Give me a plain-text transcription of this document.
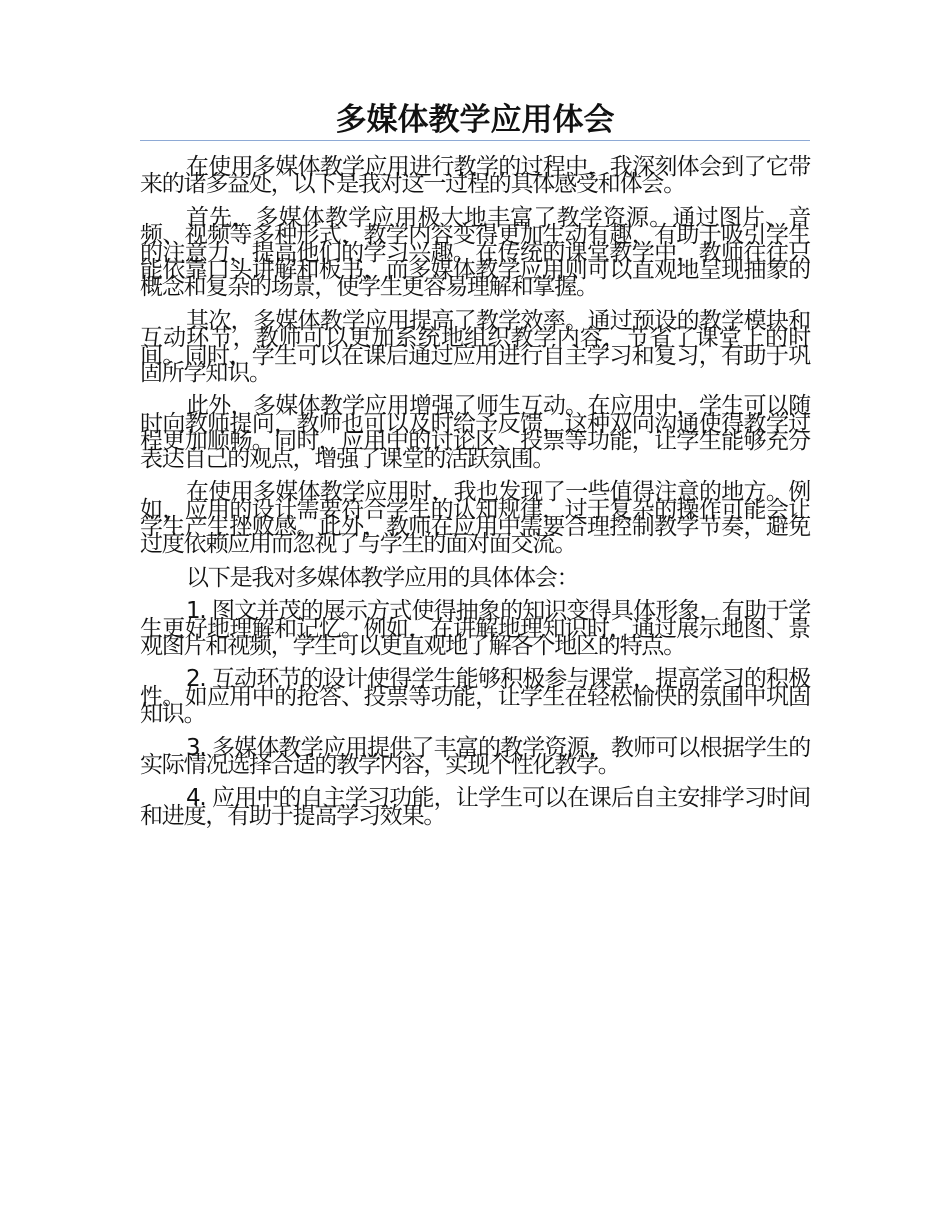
多媒体教学应用体会

在使用多媒体教学应用进行教学的过程中，我深刻体会到了它带来的诸多益处，以下是我对这一过程的具体感受和体会。

首先，多媒体教学应用极大地丰富了教学资源。通过图片、音频、视频等多种形式，教学内容变得更加生动有趣，有助于吸引学生的注意力，提高他们的学习兴趣。在传统的课堂教学中，教师往往只能依靠口头讲解和板书，而多媒体教学应用则可以直观地呈现抽象的概念和复杂的场景，使学生更容易理解和掌握。

其次，多媒体教学应用提高了教学效率。通过预设的教学模块和互动环节，教师可以更加系统地组织教学内容，节省了课堂上的时间。同时，学生可以在课后通过应用进行自主学习和复习，有助于巩固所学知识。

此外，多媒体教学应用增强了师生互动。在应用中，学生可以随时向教师提问，教师也可以及时给予反馈，这种双向沟通使得教学过程更加顺畅。同时，应用中的讨论区、投票等功能，让学生能够充分表达自己的观点，增强了课堂的活跃氛围。

在使用多媒体教学应用时，我也发现了一些值得注意的地方。例如，应用的设计需要符合学生的认知规律，过于复杂的操作可能会让学生产生挫败感。此外，教师在应用中需要合理控制教学节奏，避免过度依赖应用而忽视了与学生的面对面交流。

以下是我对多媒体教学应用的具体体会：

1. 图文并茂的展示方式使得抽象的知识变得具体形象，有助于学生更好地理解和记忆。例如，在讲解地理知识时，通过展示地图、景观图片和视频，学生可以更直观地了解各个地区的特点。

2. 互动环节的设计使得学生能够积极参与课堂，提高学习的积极性。如应用中的抢答、投票等功能，让学生在轻松愉快的氛围中巩固知识。

3. 多媒体教学应用提供了丰富的教学资源，教师可以根据学生的实际情况选择合适的教学内容，实现个性化教学。

4. 应用中的自主学习功能，让学生可以在课后自主安排学习时间和进度，有助于提高学习效果。
